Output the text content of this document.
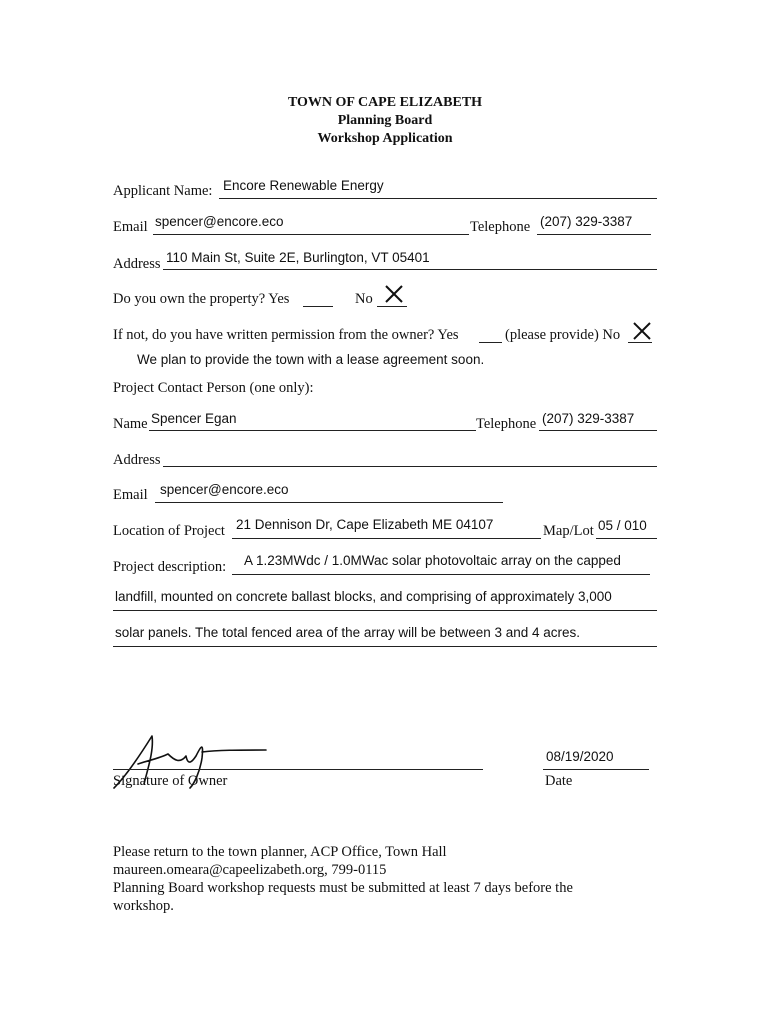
TOWN OF CAPE ELIZABETH
Planning Board
Workshop Application
Applicant Name: Encore Renewable Energy
Email spencer@encore.eco	Telephone (207) 329-3387
Address 110 Main St, Suite 2E, Burlington, VT 05401
Do you own the property? Yes	No
If not, do you have written permission from the owner? Yes	(please provide) No
We plan to provide the town with a lease agreement soon.
Project Contact Person (one only):
Name Spencer Egan	Telephone (207) 329-3387
Address
Email spencer@encore.eco
Location of Project 21 Dennison Dr, Cape Elizabeth ME 04107	Map/Lot 05 / 010
Project description: A 1.23MWdc / 1.0MWac solar photovoltaic array on the capped
landfill, mounted on concrete ballast blocks, and comprising of approximately 3,000
solar panels. The total fenced area of the array will be between 3 and 4 acres.
Signature of Owner
08/19/2020
Date
Please return to the town planner, ACP Office, Town Hall
maureen.omeara@capeelizabeth.org, 799-0115
Planning Board workshop requests must be submitted at least 7 days before the
workshop.
